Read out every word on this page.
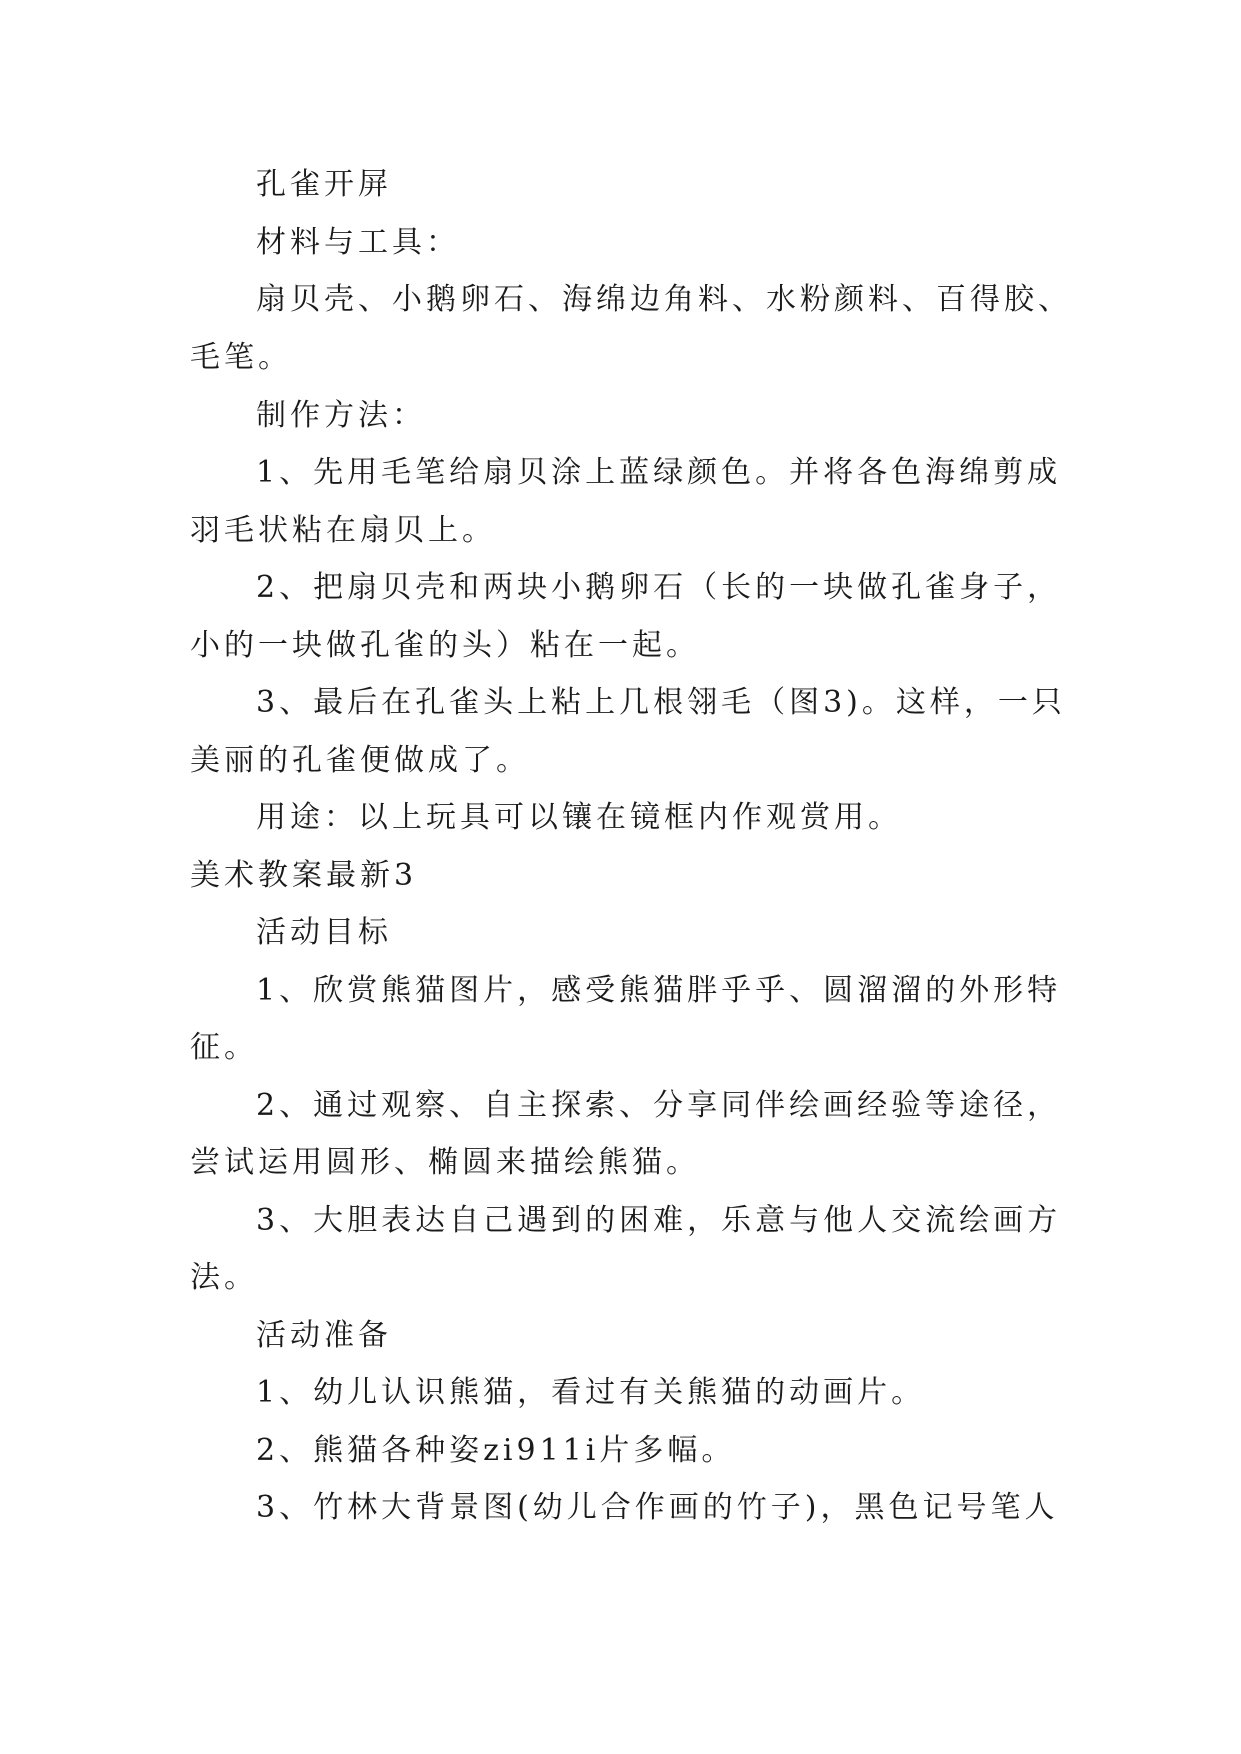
孔雀开屏

材料与工具：

扇贝壳、小鹅卵石、海绵边角料、水粉颜料、百得胶、

毛笔。

制作方法：

1、先用毛笔给扇贝涂上蓝绿颜色。并将各色海绵剪成

羽毛状粘在扇贝上。

2、把扇贝壳和两块小鹅卵石（长的一块做孔雀身子，

小的一块做孔雀的头）粘在一起。

3、最后在孔雀头上粘上几根翎毛（图3)。这样，一只

美丽的孔雀便做成了。

用途：以上玩具可以镶在镜框内作观赏用。

美术教案最新3

活动目标

1、欣赏熊猫图片，感受熊猫胖乎乎、圆溜溜的外形特

征。

2、通过观察、自主探索、分享同伴绘画经验等途径，

尝试运用圆形、椭圆来描绘熊猫。

3、大胆表达自己遇到的困难，乐意与他人交流绘画方

法。

活动准备

1、幼儿认识熊猫，看过有关熊猫的动画片。

2、熊猫各种姿zi911i片多幅。

3、竹林大背景图(幼儿合作画的竹子)，黑色记号笔人
